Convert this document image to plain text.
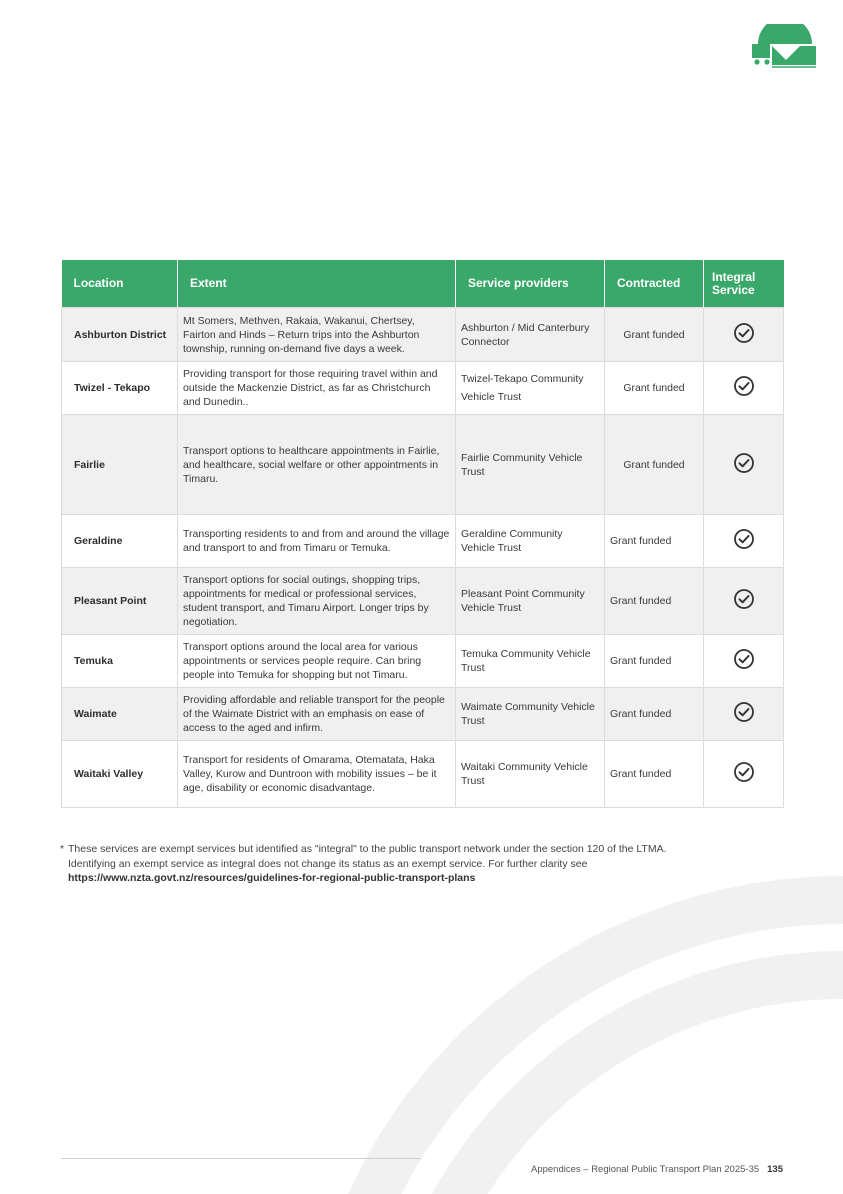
Location	Extent	Service providers	Contracted	Integral Service
Ashburton District	Mt Somers, Methven, Rakaia, Wakanui, Chertsey, Fairton and Hinds – Return trips into the Ashburton township, running on-demand five days a week.	Ashburton / Mid Canterbury Connector	Grant funded	
Twizel - Tekapo	Providing transport for those requiring travel within and outside the Mackenzie District, as far as Christchurch and Dunedin..	Twizel-Tekapo Community Vehicle Trust	Grant funded	
Fairlie	Transport options to healthcare appointments in Fairlie, and healthcare, social welfare or other appointments in Timaru.	Fairlie Community Vehicle Trust	Grant funded	
Geraldine	Transporting residents to and from and around the village and transport to and from Timaru or Temuka.	Geraldine Community Vehicle Trust	Grant funded	
Pleasant Point	Transport options for social outings, shopping trips, appointments for medical or professional services, student transport, and Timaru Airport. Longer trips by negotiation.	Pleasant Point Community Vehicle Trust	Grant funded	
Temuka	Transport options around the local area for various appointments or services people require. Can bring people into Temuka for shopping but not Timaru.	Temuka Community Vehicle Trust	Grant funded	
Waimate	Providing affordable and reliable transport for the people of the Waimate District with an emphasis on ease of access to the aged and infirm.	Waimate Community Vehicle Trust	Grant funded	
Waitaki Valley	Transport for residents of Omarama, Otematata, Haka Valley, Kurow and Duntroon with mobility issues – be it age, disability or economic disadvantage.	Waitaki Community Vehicle Trust	Grant funded	
* These services are exempt services but identified as "integral" to the public transport network under the section 120 of the LTMA. Identifying an exempt service as integral does not change its status as an exempt service. For further clarity see
https://www.nzta.govt.nz/resources/guidelines-for-regional-public-transport-plans
Appendices – Regional Public Transport Plan 2025-35 135
